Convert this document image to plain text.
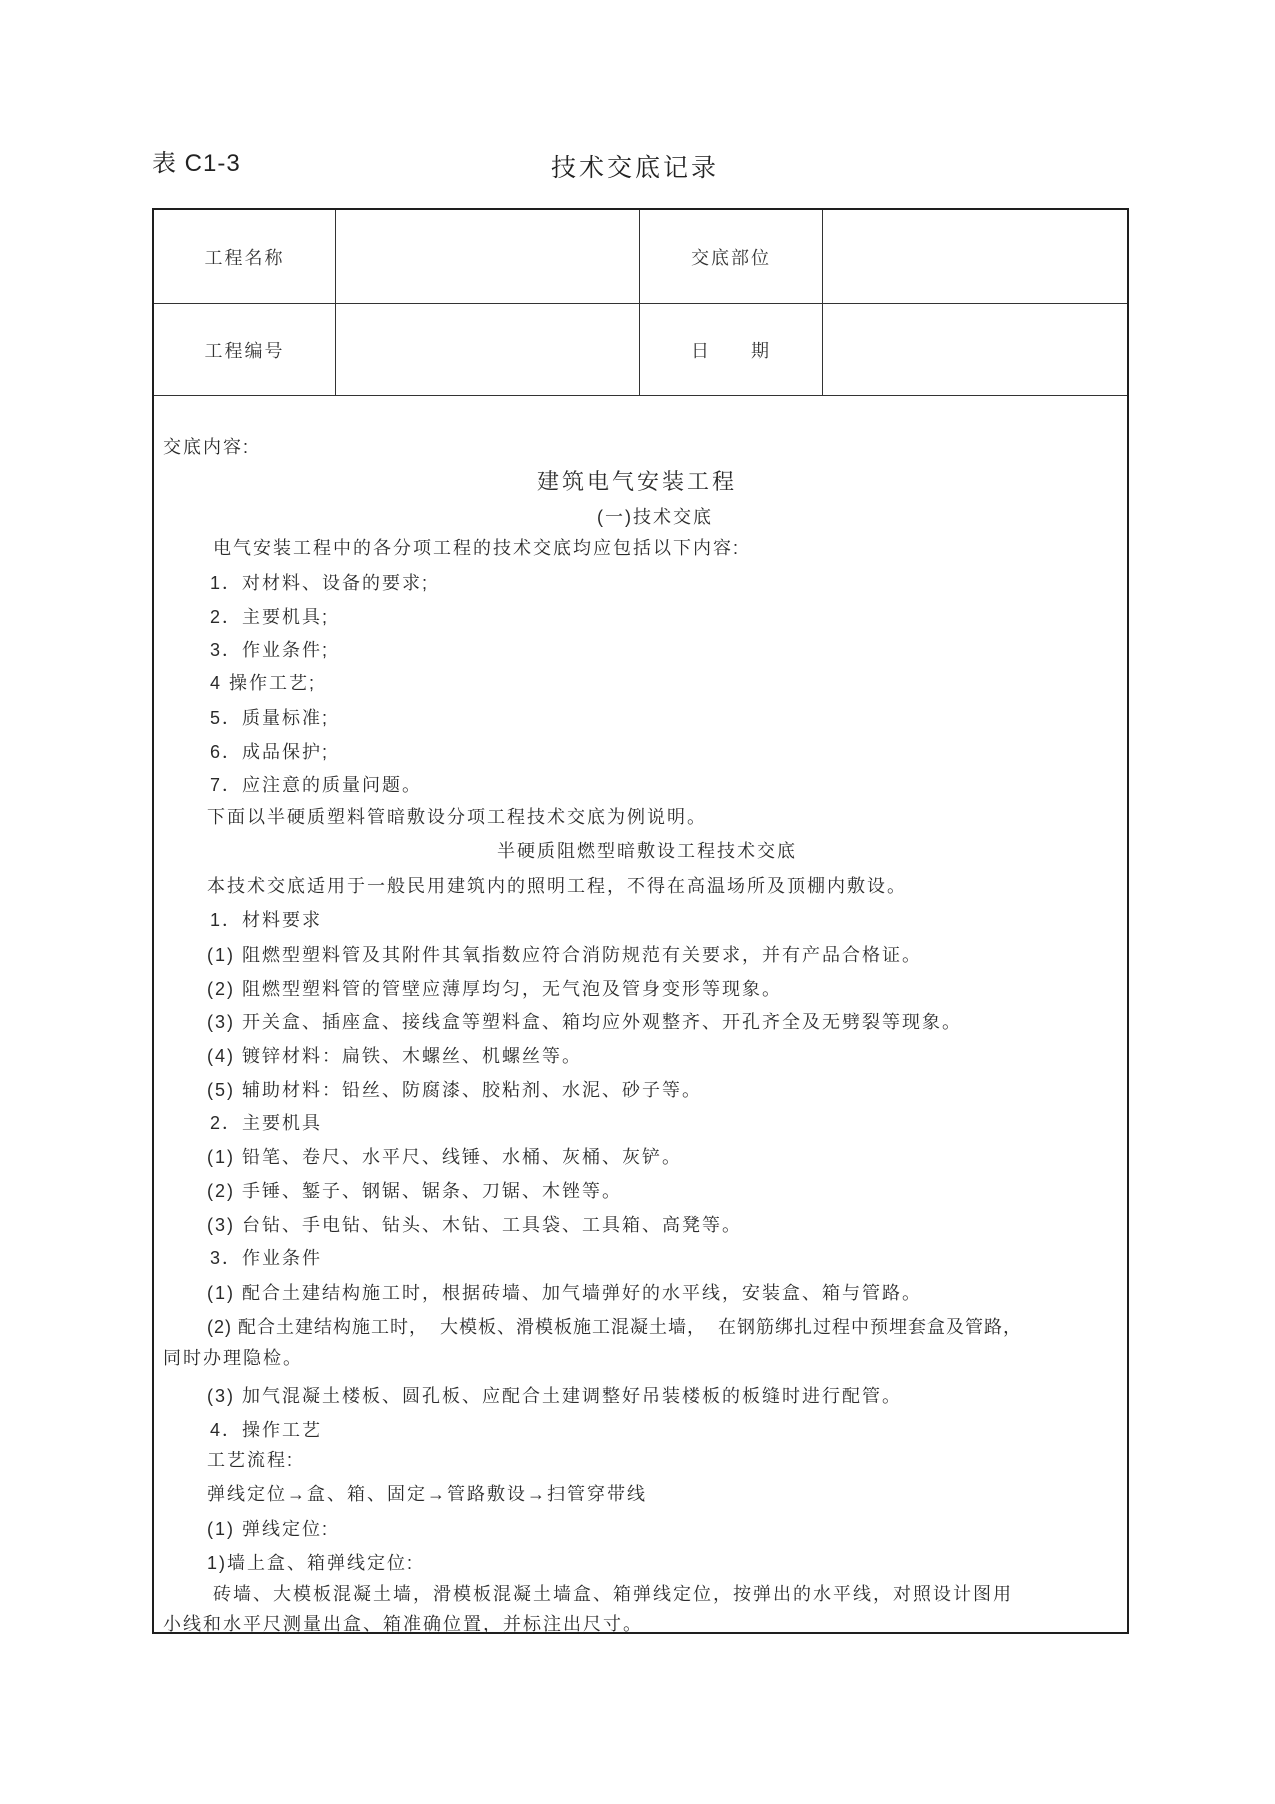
表 C1-3	技术交底记录
工程名称	交底部位
工程编号	日　　期
交底内容:
建筑电气安装工程
(一)技术交底
电气安装工程中的各分项工程的技术交底均应包括以下内容:
1．对材料、设备的要求;
2．主要机具;
3．作业条件;
4 操作工艺;
5．质量标准;
6．成品保护;
7．应注意的质量问题。
下面以半硬质塑料管暗敷设分项工程技术交底为例说明。
半硬质阻燃型暗敷设工程技术交底
本技术交底适用于一般民用建筑内的照明工程，不得在高温场所及顶棚内敷设。
1．材料要求
(1) 阻燃型塑料管及其附件其氧指数应符合消防规范有关要求，并有产品合格证。
(2) 阻燃型塑料管的管壁应薄厚均匀，无气泡及管身变形等现象。
(3) 开关盒、插座盒、接线盒等塑料盒、箱均应外观整齐、开孔齐全及无劈裂等现象。
(4) 镀锌材料：扁铁、木螺丝、机螺丝等。
(5) 辅助材料：铅丝、防腐漆、胶粘剂、水泥、砂子等。
2．主要机具
(1) 铅笔、卷尺、水平尺、线锤、水桶、灰桶、灰铲。
(2) 手锤、錾子、钢锯、锯条、刀锯、木锉等。
(3) 台钻、手电钻、钻头、木钻、工具袋、工具箱、高凳等。
3．作业条件
(1) 配合土建结构施工时，根据砖墙、加气墙弹好的水平线，安装盒、箱与管路。
(2) 配合土建结构施工时，  大模板、滑模板施工混凝土墙，  在钢筋绑扎过程中预埋套盒及管路，
同时办理隐检。
(3) 加气混凝土楼板、圆孔板、应配合土建调整好吊装楼板的板缝时进行配管。
4．操作工艺
工艺流程:
弹线定位→盒、箱、固定→管路敷设→扫管穿带线
(1) 弹线定位:
1)墙上盒、箱弹线定位:
砖墙、大模板混凝土墙，滑模板混凝土墙盒、箱弹线定位，按弹出的水平线，对照设计图用
小线和水平尺测量出盒、箱准确位置，并标注出尺寸。
